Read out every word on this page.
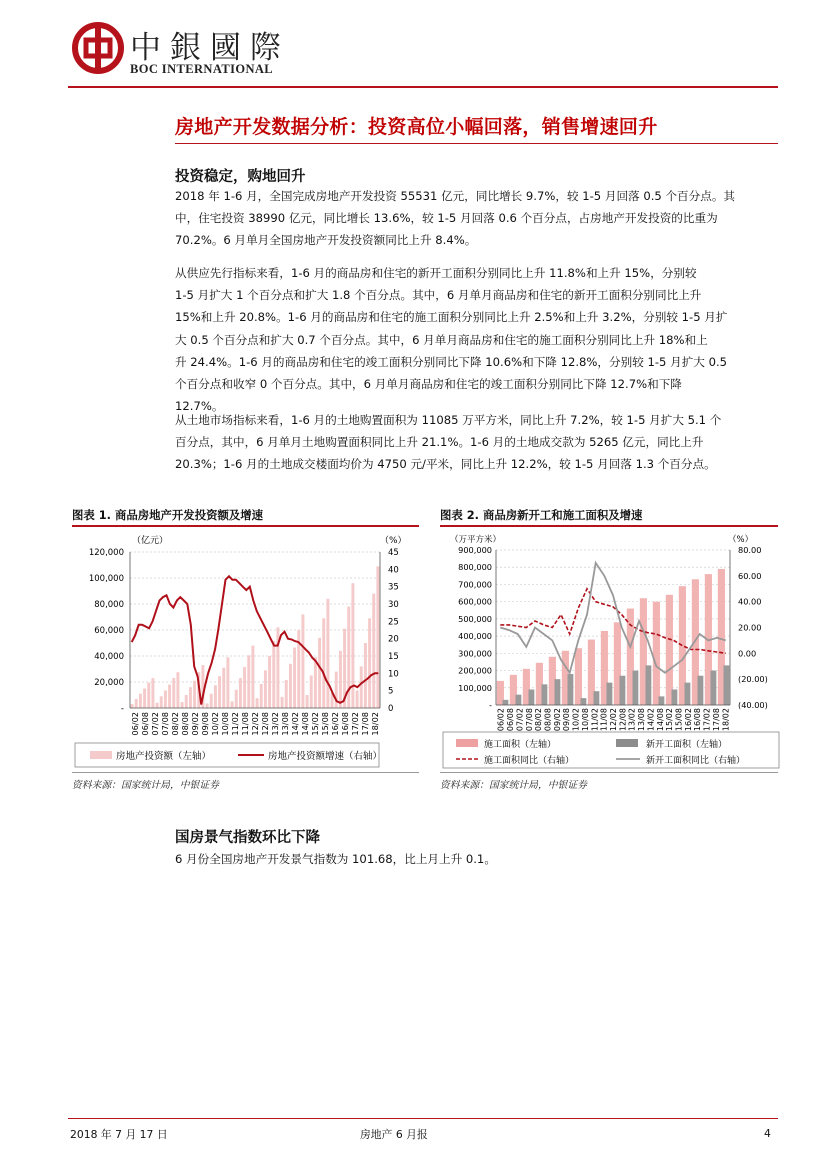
中銀國際
BOC INTERNATIONAL
房地产开发数据分析：投资高位小幅回落，销售增速回升
投资稳定，购地回升

2018 年 1-6 月，全国完成房地产开发投资 55531 亿元，同比增长 9.7%，较 1-5 月回落 0.5 个百分点。其
中，住宅投资 38990 亿元，同比增长 13.6%，较 1-5 月回落 0.6 个百分点，占房地产开发投资的比重为
70.2%。6 月单月全国房地产开发投资额同比上升 8.4%。

从供应先行指标来看，1-6 月的商品房和住宅的新开工面积分别同比上升 11.8%和上升 15%，分别较
1-5 月扩大 1 个百分点和扩大 1.8 个百分点。其中，6 月单月商品房和住宅的新开工面积分别同比上升
15%和上升 20.8%。1-6 月的商品房和住宅的施工面积分别同比上升 2.5%和上升 3.2%，分别较 1-5 月扩
大 0.5 个百分点和扩大 0.7 个百分点。其中，6 月单月商品房和住宅的施工面积分别同比上升 18%和上
升 24.4%。1-6 月的商品房和住宅的竣工面积分别同比下降 10.6%和下降 12.8%，分别较 1-5 月扩大 0.5
个百分点和收窄 0 个百分点。其中，6 月单月商品房和住宅的竣工面积分别同比下降 12.7%和下降
12.7%。

从土地市场指标来看，1-6 月的土地购置面积为 11085 万平方米，同比上升 7.2%，较 1-5 月扩大 5.1 个
百分点，其中，6 月单月土地购置面积同比上升 21.1%。1-6 月的土地成交款为 5265 亿元，同比上升
20.3%；1-6 月的土地成交楼面均价为 4750 元/平米，同比上升 12.2%，较 1-5 月回落 1.3 个百分点。

图表 1. 商品房地产开发投资额及增速
120,000
100,000
80,000
60,000
40,000
20,000
-
45
40
35
30
25
20
15
10
5
0
06/02 06/08 07/02 07/08 08/02 08/08 09/02 09/08 10/02 10/08 11/02 11/08 12/02 12/08 13/02 13/08 14/02 14/08 15/02 15/08 16/02 16/08 17/02 17/08 18/02
（亿元）	（%）
房地产投资额（左轴）	房地产投资额增速（右轴）
资料来源：国家统计局，中银证券
图表 2. 商品房新开工和施工面积及增速
900,000
800,000
700,000
600,000
500,000
400,000
300,000
200,000
100,000
-
80.00
60.00
40.00
20.00
0.00
(20.00)
(40.00)
06/02 06/08 07/02 07/08 08/02 08/08 09/02 09/08 10/02 10/08 11/02 11/08 12/02 12/08 13/02 13/08 14/02 14/08 15/02 15/08 16/02 16/08 17/02 17/08 18/02
（万平方米）	（%）
施工面积（左轴）	新开工面积（左轴）
施工面积同比（右轴）	新开工面积同比（右轴）
资料来源：国家统计局，中银证券
国房景气指数环比下降

6 月份全国房地产开发景气指数为 101.68，比上月上升 0.1。

2018 年 7 月 17 日	房地产 6 月报	4
